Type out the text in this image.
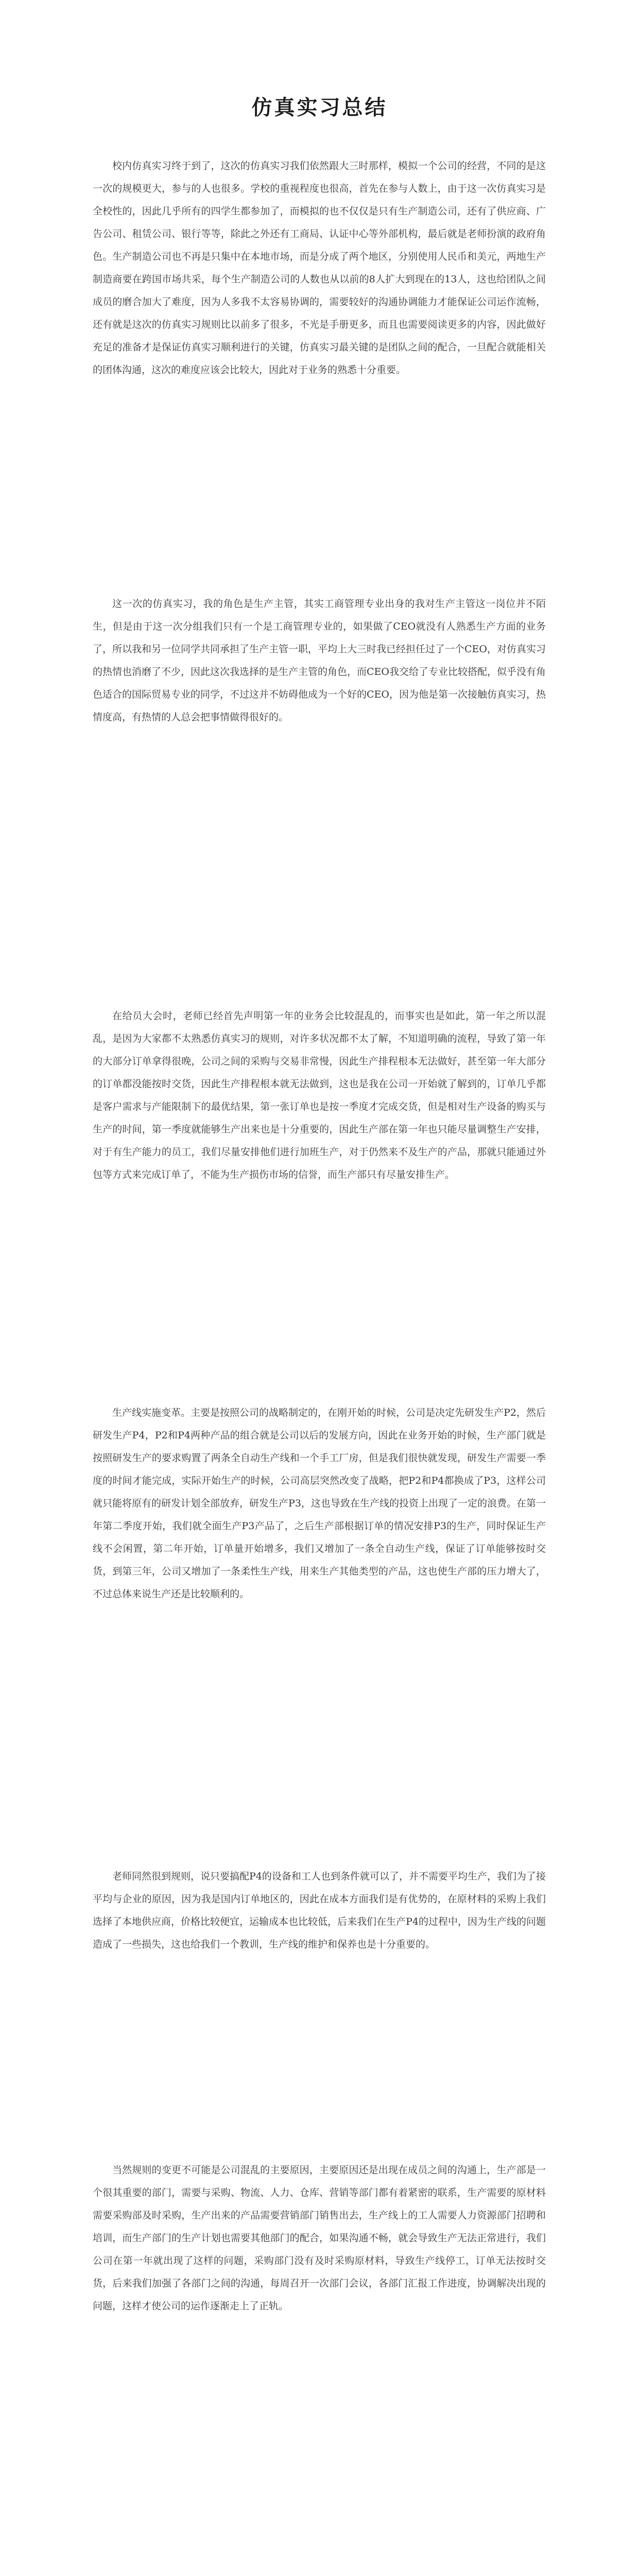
仿真实习总结

校内仿真实习终于到了，这次的仿真实习我们依然跟大三时那样，模拟一个公司的经营，不同的是这一次的规模更大，参与的人也很多。学校的重视程度也很高，首先在参与人数上，由于这一次仿真实习是全校性的，因此几乎所有的四学生都参加了，而模拟的也不仅仅是只有生产制造公司，还有了供应商、广告公司、租赁公司、银行等等，除此之外还有工商局、认证中心等外部机构，最后就是老师扮演的政府角色。生产制造公司也不再是只集中在本地市场，而是分成了两个地区，分别使用人民币和美元，两地生产制造商要在跨国市场共采，每个生产制造公司的人数也从以前的8人扩大到现在的13人，这也给团队之间成员的磨合加大了难度，因为人多我不太容易协调的，需要较好的沟通协调能力才能保证公司运作流畅，还有就是这次的仿真实习规则比以前多了很多，不光是手册更多，而且也需要阅读更多的内容，因此做好充足的准备才是保证仿真实习顺利进行的关键，仿真实习最关键的是团队之间的配合，一旦配合就能相关的团体沟通，这次的难度应该会比较大，因此对于业务的熟悉十分重要。

这一次的仿真实习，我的角色是生产主管，其实工商管理专业出身的我对生产主管这一岗位并不陌生，但是由于这一次分组我们只有一个是工商管理专业的，如果做了CEO就没有人熟悉生产方面的业务了，所以我和另一位同学共同承担了生产主管一职，平均上大三时我已经担任过了一个CEO，对仿真实习的热情也消磨了不少，因此这次我选择的是生产主管的角色，而CEO我交给了专业比较搭配，似乎没有角色适合的国际贸易专业的同学，不过这并不妨碍他成为一个好的CEO，因为他是第一次接触仿真实习，热情度高，有热情的人总会把事情做得很好的。

在给员大会时，老师已经首先声明第一年的业务会比较混乱的，而事实也是如此，第一年之所以混乱，是因为大家都不太熟悉仿真实习的规则，对许多状况都不太了解，不知道明确的流程，导致了第一年的大部分订单拿得很晚，公司之间的采购与交易非常慢，因此生产排程根本无法做好，甚至第一年大部分的订单都没能按时交货，因此生产排程根本就无法做到，这也是我在公司一开始就了解到的，订单几乎都是客户需求与产能限制下的最优结果，第一张订单也是按一季度才完成交货，但是相对生产设备的购买与生产的时间，第一季度就能够生产出来也是十分重要的，因此生产部在第一年也只能尽量调整生产安排，对于有生产能力的员工，我们尽量安排他们进行加班生产，对于仍然来不及生产的产品，那就只能通过外包等方式来完成订单了，不能为生产损伤市场的信誉，而生产部只有尽量安排生产。

生产线实施变革。主要是按照公司的战略制定的，在刚开始的时候，公司是决定先研发生产P2，然后研发生产P4，P2和P4两种产品的组合就是公司以后的发展方向，因此在业务开始的时候，生产部门就是按照研发生产的要求购置了两条全自动生产线和一个手工厂房，但是我们很快就发现，研发生产需要一季度的时间才能完成，实际开始生产的时候，公司高层突然改变了战略，把P2和P4都换成了P3，这样公司就只能将原有的研发计划全部放弃，研发生产P3，这也导致在生产线的投资上出现了一定的浪费。在第一年第二季度开始，我们就全面生产P3产品了，之后生产部根据订单的情况安排P3的生产，同时保证生产线不会闲置，第二年开始，订单量开始增多，我们又增加了一条全自动生产线，保证了订单能够按时交货，到第三年，公司又增加了一条柔性生产线，用来生产其他类型的产品，这也使生产部的压力增大了，不过总体来说生产还是比较顺利的。

老师同然很到规则，说只要搞配P4的设备和工人也到条件就可以了，并不需要平均生产，我们为了接平均与企业的原因，因为我是国内订单地区的，因此在成本方面我们是有优势的，在原材料的采购上我们选择了本地供应商，价格比较便宜，运输成本也比较低，后来我们在生产P4的过程中，因为生产线的问题造成了一些损失，这也给我们一个教训，生产线的维护和保养也是十分重要的。

当然规则的变更不可能是公司混乱的主要原因，主要原因还是出现在成员之间的沟通上，生产部是一个很其重要的部门，需要与采购、物流、人力、仓库、营销等部门都有着紧密的联系，生产需要的原材料需要采购部及时采购，生产出来的产品需要营销部门销售出去，生产线上的工人需要人力资源部门招聘和培训，而生产部门的生产计划也需要其他部门的配合，如果沟通不畅，就会导致生产无法正常进行，我们公司在第一年就出现了这样的问题，采购部门没有及时采购原材料，导致生产线停工，订单无法按时交货，后来我们加强了各部门之间的沟通，每周召开一次部门会议，各部门汇报工作进度，协调解决出现的问题，这样才使公司的运作逐渐走上了正轨。
